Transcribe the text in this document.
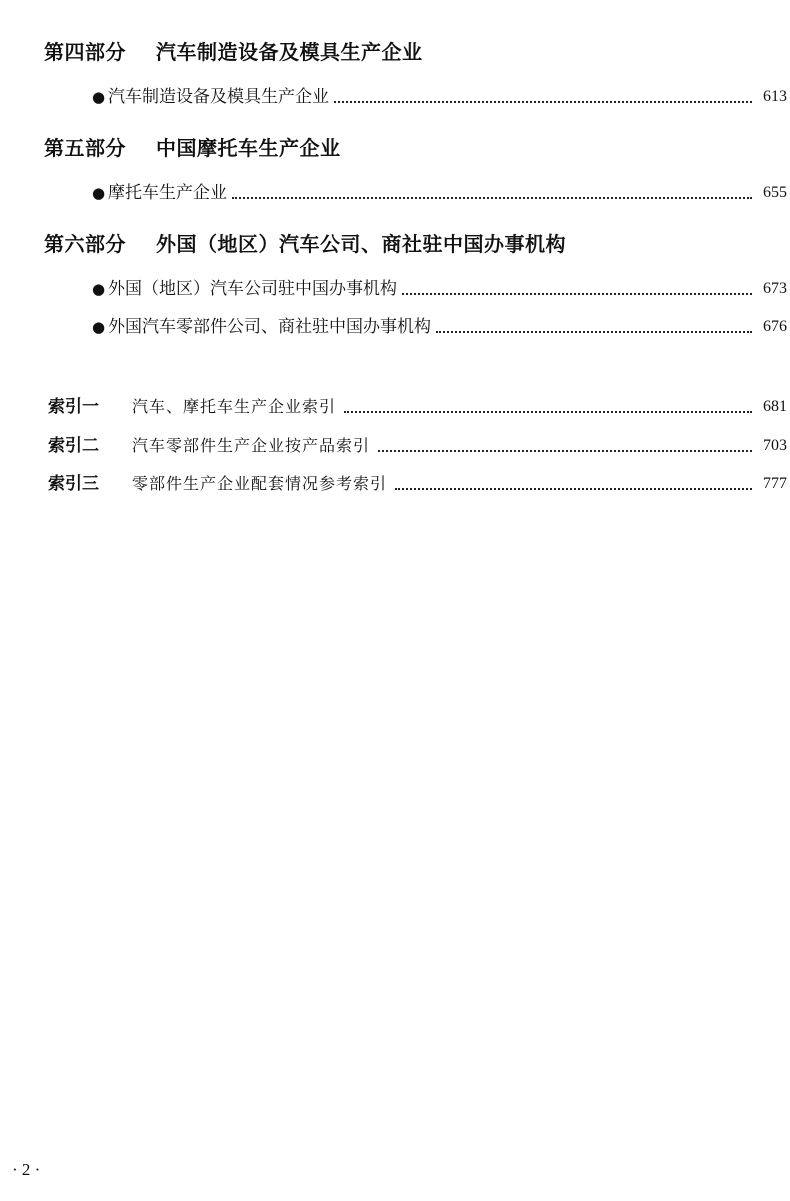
第四部分 汽车制造设备及模具生产企业
● 汽车制造设备及模具生产企业	613
第五部分 中国摩托车生产企业
● 摩托车生产企业	655
第六部分 外国（地区）汽车公司、商社驻中国办事机构
● 外国（地区）汽车公司驻中国办事机构	673
● 外国汽车零部件公司、商社驻中国办事机构	676
索引一	汽车、摩托车生产企业索引	681
索引二	汽车零部件生产企业按产品索引	703
索引三	零部件生产企业配套情况参考索引	777
· 2 ·
